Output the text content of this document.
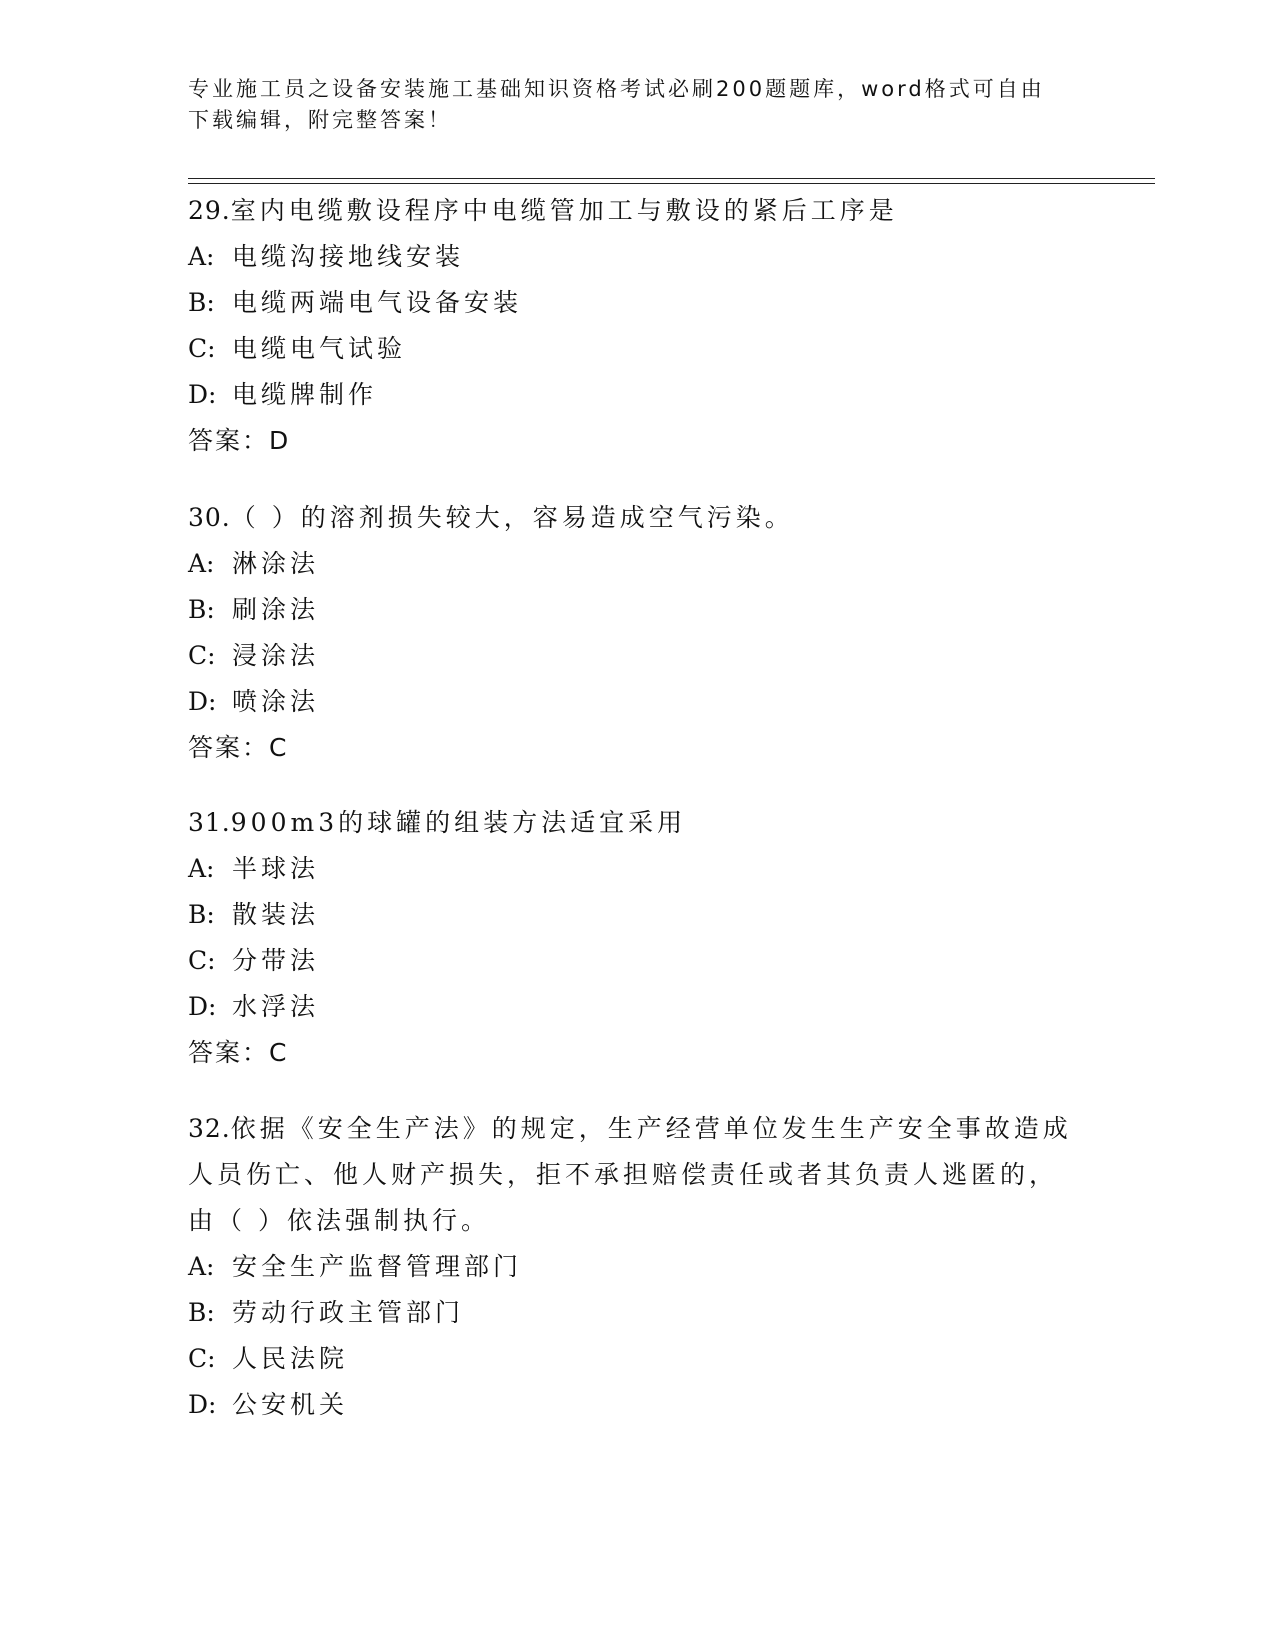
专业施工员之设备安装施工基础知识资格考试必刷200题题库，word格式可自由
下载编辑，附完整答案！
29.室内电缆敷设程序中电缆管加工与敷设的紧后工序是
A: 电缆沟接地线安装
B: 电缆两端电气设备安装
C: 电缆电气试验
D: 电缆牌制作
答案：D
30.（ ）的溶剂损失较大，容易造成空气污染。
A: 淋涂法
B: 刷涂法
C: 浸涂法
D: 喷涂法
答案：C
31.900m3的球罐的组装方法适宜采用
A: 半球法
B: 散装法
C: 分带法
D: 水浮法
答案：C
32.依据《安全生产法》的规定，生产经营单位发生生产安全事故造成
人员伤亡、他人财产损失，拒不承担赔偿责任或者其负责人逃匿的，
由（ ）依法强制执行。
A: 安全生产监督管理部门
B: 劳动行政主管部门
C: 人民法院
D: 公安机关
